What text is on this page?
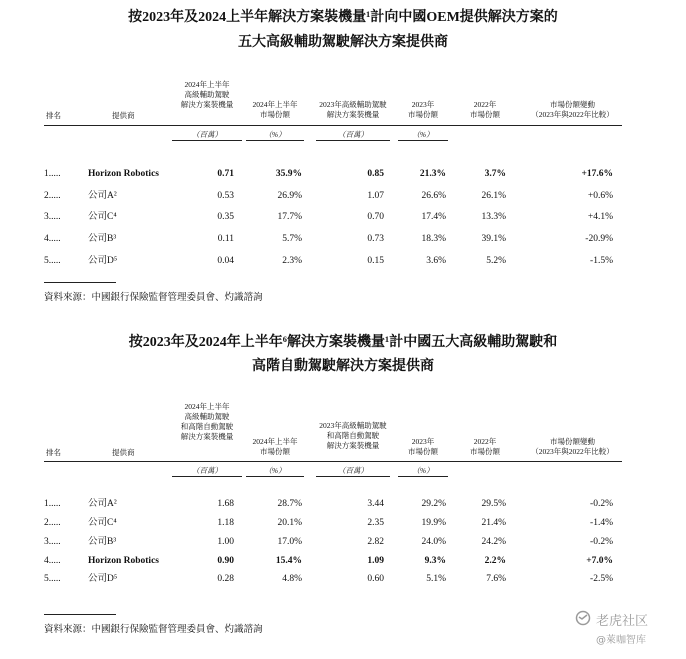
按2023年及2024上半年解決方案裝機量¹計向中國OEM提供解決方案的
五大高級輔助駕駛解決方案提供商
排名	提供商
2024年上半年
高級輔助駕駛
解決方案裝機量	2024年上半年
市場份額
2023年高級輔助駕駛
解決方案裝機量
2023年
市場份額
2022年
市場份額
市場份額變動
（2023年與2022年比較）
（百萬）	（%）	（百萬）	（%）
1.....	Horizon Robotics	0.71	35.9%	0.85	21.3%	3.7%	+17.6%
2.....	公司A²	0.53	26.9%	1.07	26.6%	26.1%	+0.6%
3.....	公司C⁴	0.35	17.7%	0.70	17.4%	13.3%	+4.1%
4.....	公司B³	0.11	5.7%	0.73	18.3%	39.1%	-20.9%
5.....	公司D⁵	0.04	2.3%	0.15	3.6%	5.2%	-1.5%
資料來源：中國銀行保險監督管理委員會、灼識諮詢
按2023年及2024年上半年⁶解決方案裝機量¹計中國五大高級輔助駕駛和
高階自動駕駛解決方案提供商
排名	提供商
2024年上半年
高級輔助駕駛
和高階自動駕駛
解決方案裝機量
2024年上半年
市場份額
2023年高級輔助駕駛
和高階自動駕駛
解決方案裝機量	2023年
市場份額
2022年
市場份額
市場份額變動
（2023年與2022年比較）
（百萬）	（%）	（百萬）	（%）
1.....	公司A²	1.68	28.7%	3.44	29.2%	29.5%	-0.2%
2.....	公司C⁴	1.18	20.1%	2.35	19.9%	21.4%	-1.4%
3.....	公司B³	1.00	17.0%	2.82	24.0%	24.2%	-0.2%
4.....	Horizon Robotics	0.90	15.4%	1.09	9.3%	2.2%	+7.0%
5.....	公司D⁵	0.28	4.8%	0.60	5.1%	7.6%	-2.5%
資料來源：中國銀行保險監督管理委員會、灼識諮詢
老虎社区
@萊咖智库
